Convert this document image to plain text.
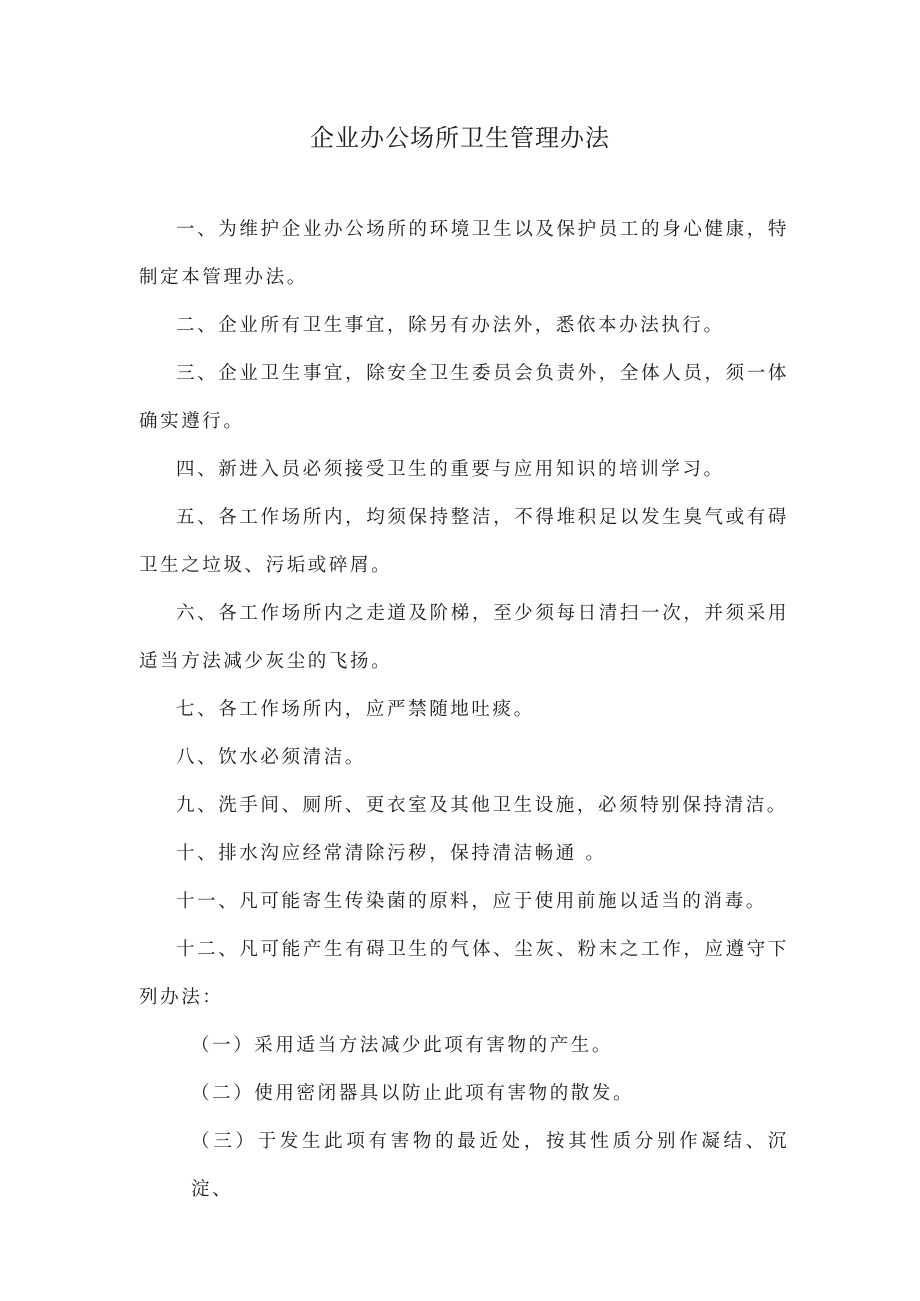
企业办公场所卫生管理办法

一、为维护企业办公场所的环境卫生以及保护员工的身心健康，特制定本管理办法。

二、企业所有卫生事宜，除另有办法外，悉依本办法执行。

三、企业卫生事宜，除安全卫生委员会负责外，全体人员，须一体确实遵行。

四、新进入员必须接受卫生的重要与应用知识的培训学习。

五、各工作场所内，均须保持整洁，不得堆积足以发生臭气或有碍卫生之垃圾、污垢或碎屑。

六、各工作场所内之走道及阶梯，至少须每日清扫一次，并须采用适当方法减少灰尘的飞扬。

七、各工作场所内，应严禁随地吐痰。

八、饮水必须清洁。

九、洗手间、厕所、更衣室及其他卫生设施，必须特别保持清洁。

十、排水沟应经常清除污秽，保持清洁畅通 。

十一、凡可能寄生传染菌的原料，应于使用前施以适当的消毒。

十二、凡可能产生有碍卫生的气体、尘灰、粉末之工作，应遵守下列办法：

（一）采用适当方法减少此项有害物的产生。

（二）使用密闭器具以防止此项有害物的散发。

（三）于发生此项有害物的最近处，按其性质分别作凝结、沉淀、
